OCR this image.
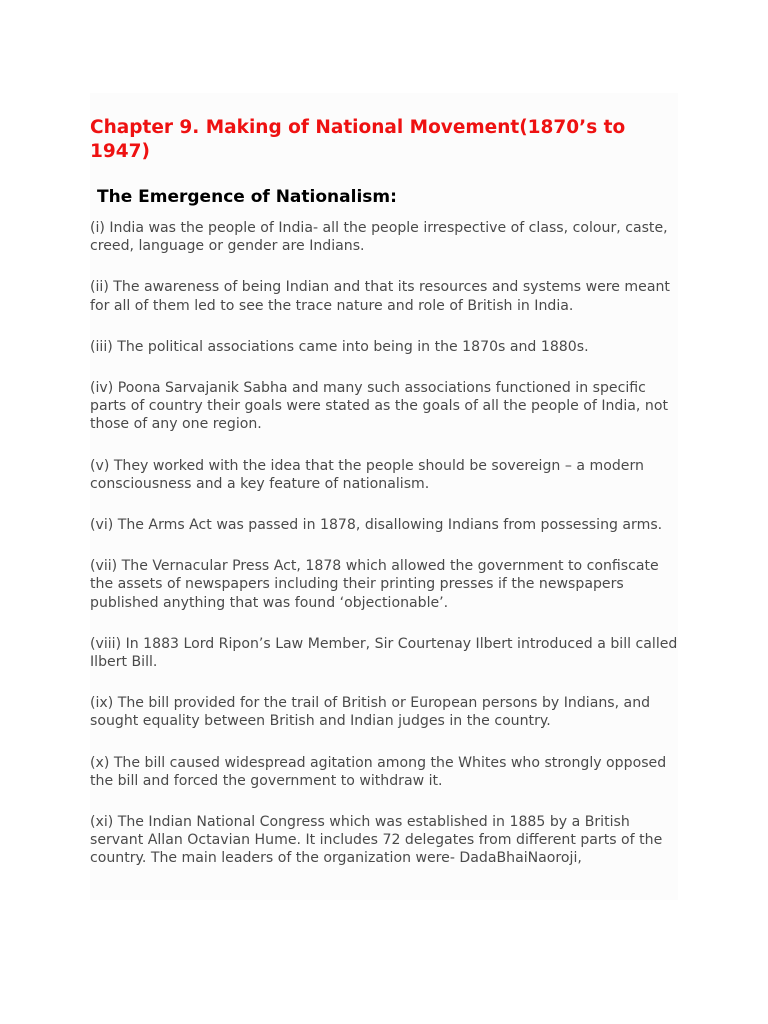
Chapter 9. Making of National Movement(1870’s to 1947)
The Emergence of Nationalism:
(i) India was the people of India- all the people irrespective of class, colour, caste, creed, language or gender are Indians.
(ii) The awareness of being Indian and that its resources and systems were meant for all of them led to see the trace nature and role of British in India.
(iii) The political associations came into being in the 1870s and 1880s.
(iv) Poona Sarvajanik Sabha and many such associations functioned in specific parts of country their goals were stated as the goals of all the people of India, not those of any one region.
(v) They worked with the idea that the people should be sovereign – a modern consciousness and a key feature of nationalism.
(vi) The Arms Act was passed in 1878, disallowing Indians from possessing arms.
(vii) The Vernacular Press Act, 1878 which allowed the government to confiscate the assets of newspapers including their printing presses if the newspapers published anything that was found ‘objectionable’.
(viii) In 1883 Lord Ripon’s Law Member, Sir Courtenay Ilbert introduced a bill called Ilbert Bill.
(ix) The bill provided for the trail of British or European persons by Indians, and sought equality between British and Indian judges in the country.
(x) The bill caused widespread agitation among the Whites who strongly opposed the bill and forced the government to withdraw it.
(xi) The Indian National Congress which was established in 1885 by a British servant Allan Octavian Hume. It includes 72 delegates from different parts of the country. The main leaders of the organization were- DadaBhaiNaoroji,
